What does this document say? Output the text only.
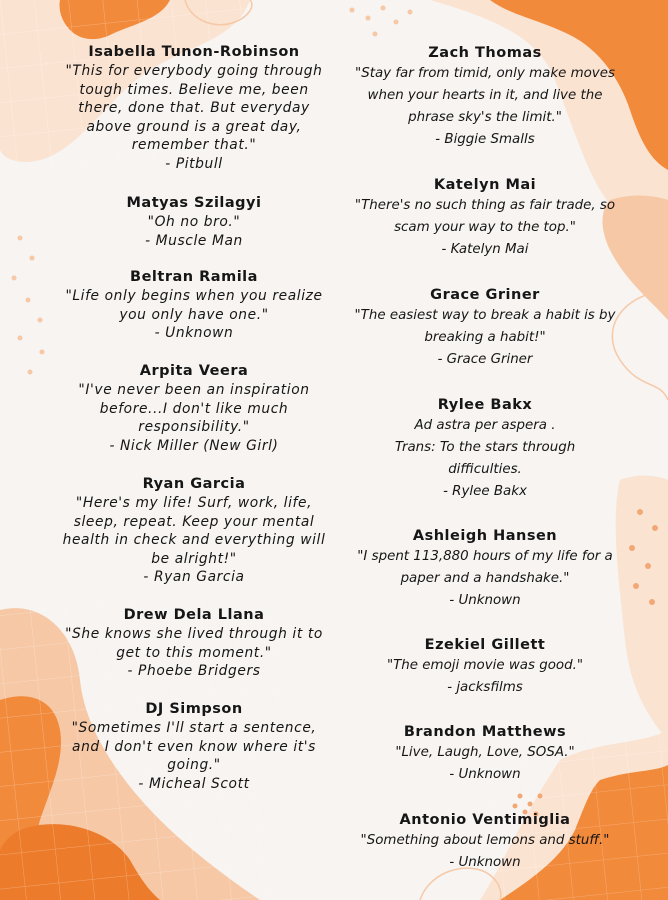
Isabella Tunon-Robinson
"This for everybody going through
tough times. Believe me, been
there, done that. But everyday
above ground is a great day,
remember that."
- Pitbull
Matyas Szilagyi
"Oh no bro."
- Muscle Man
Beltran Ramila
"Life only begins when you realize
you only have one."
- Unknown
Arpita Veera
"I've never been an inspiration
before...I don't like much
responsibility."
- Nick Miller (New Girl)
Ryan Garcia
"Here's my life! Surf, work, life,
sleep, repeat. Keep your mental
health in check and everything will
be alright!"
- Ryan Garcia
Drew Dela Llana
"She knows she lived through it to
get to this moment."
- Phoebe Bridgers
DJ Simpson
"Sometimes I'll start a sentence,
and I don't even know where it's
going."
- Micheal Scott
Zach Thomas
"Stay far from timid, only make moves
when your hearts in it, and live the
phrase sky's the limit."
- Biggie Smalls
Katelyn Mai
"There's no such thing as fair trade, so
scam your way to the top."
- Katelyn Mai
Grace Griner
"The easiest way to break a habit is by
breaking a habit!"
- Grace Griner
Rylee Bakx
Ad astra per aspera .
Trans: To the stars through
difficulties.
- Rylee Bakx
Ashleigh Hansen
"I spent 113,880 hours of my life for a
paper and a handshake."
- Unknown
Ezekiel Gillett
"The emoji movie was good."
- jacksfilms
Brandon Matthews
"Live, Laugh, Love, SOSA."
- Unknown
Antonio Ventimiglia
"Something about lemons and stuff."
- Unknown
